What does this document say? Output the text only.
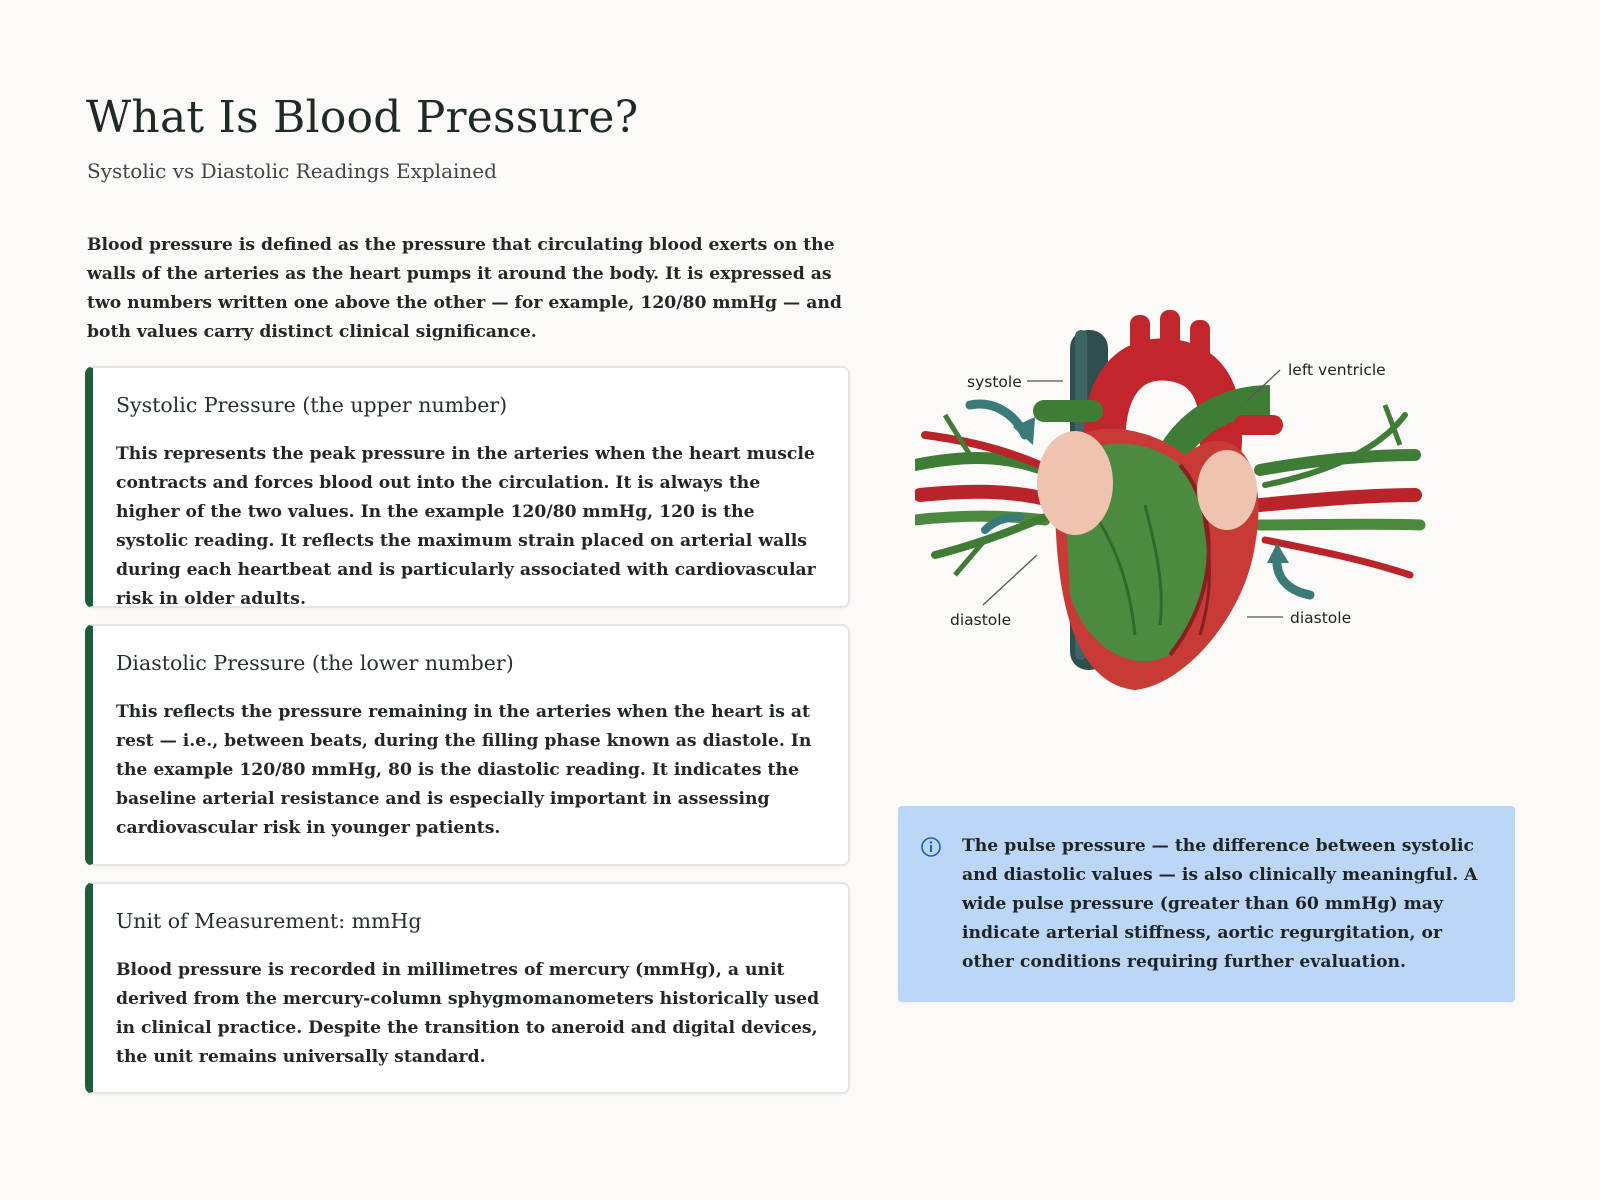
What Is Blood Pressure?

Systolic vs Diastolic Readings Explained

Blood pressure is defined as the pressure that circulating blood exerts on the walls of the arteries as the heart pumps it around the body. It is expressed as two numbers written one above the other — for example, 120/80 mmHg — and both values carry distinct clinical significance.

Systolic Pressure (the upper number)

This represents the peak pressure in the arteries when the heart muscle contracts and forces blood out into the circulation. It is always the higher of the two values. In the example 120/80 mmHg, 120 is the systolic reading. It reflects the maximum strain placed on arterial walls during each heartbeat and is particularly associated with cardiovascular risk in older adults.

Diastolic Pressure (the lower number)

This reflects the pressure remaining in the arteries when the heart is at rest — i.e., between beats, during the filling phase known as diastole. In the example 120/80 mmHg, 80 is the diastolic reading. It indicates the baseline arterial resistance and is especially important in assessing cardiovascular risk in younger patients.

Unit of Measurement: mmHg

Blood pressure is recorded in millimetres of mercury (mmHg), a unit derived from the mercury-column sphygmomanometers historically used in clinical practice. Despite the transition to aneroid and digital devices, the unit remains universally standard.

systole
left ventricle
diastole	diastole

The pulse pressure — the difference between systolic and diastolic values — is also clinically meaningful. A wide pulse pressure (greater than 60 mmHg) may indicate arterial stiffness, aortic regurgitation, or other conditions requiring further evaluation.
